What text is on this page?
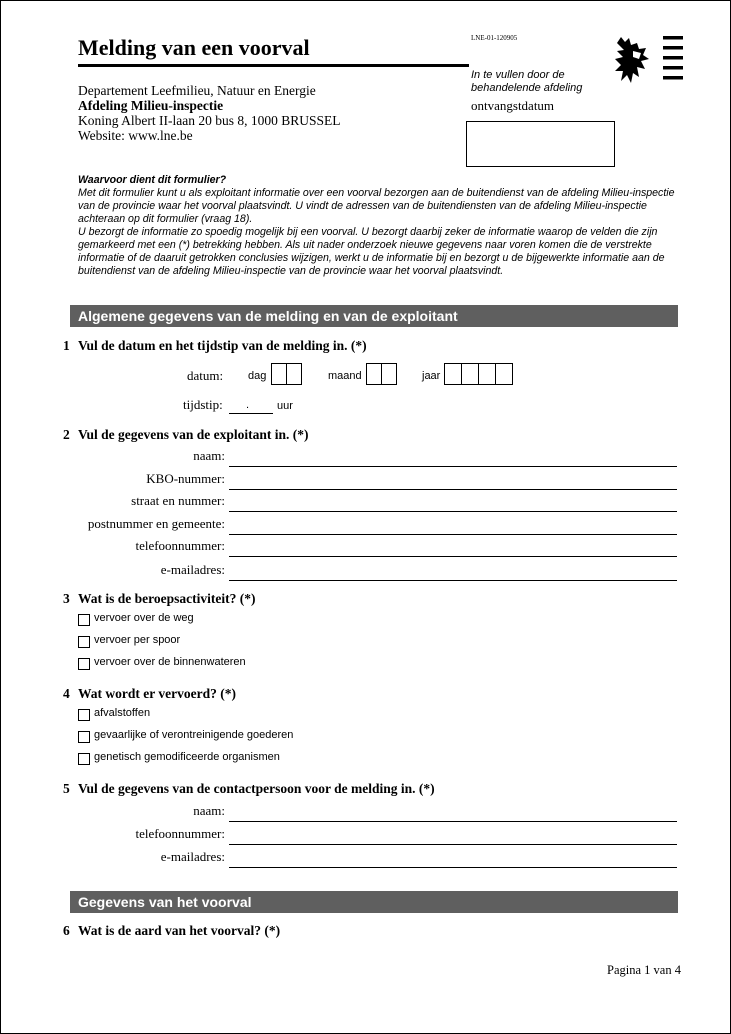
Melding van een voorval	LNE-01-120905
Departement Leefmilieu, Natuur en Energie
Afdeling Milieu-inspectie
Koning Albert II-laan 20 bus 8, 1000 BRUSSEL
Website: www.lne.be
In te vullen door de
behandelende afdeling
ontvangstdatum

Waarvoor dient dit formulier?

Met dit formulier kunt u als exploitant informatie over een voorval bezorgen aan de buitendienst van de afdeling Milieu-inspectie van de provincie waar het voorval plaatsvindt. U vindt de adressen van de buitendiensten van de afdeling Milieu-inspectie achteraan op dit formulier (vraag 18).

U bezorgt de informatie zo spoedig mogelijk bij een voorval. U bezorgt daarbij zeker de informatie waarop de velden die zijn gemarkeerd met een (*) betrekking hebben. Als uit nader onderzoek nieuwe gegevens naar voren komen die de verstrekte informatie of de daaruit getrokken conclusies wijzigen, werkt u de informatie bij en bezorgt u de bijgewerkte informatie aan de buitendienst van de afdeling Milieu-inspectie van de provincie waar het voorval plaatsvindt.

Algemene gegevens van de melding en van de exploitant
1 Vul de datum en het tijdstip van de melding in. (*)
datum: dag	maand	jaar
tijdstip: .	uur
2 Vul de gegevens van de exploitant in. (*)
naam:
KBO-nummer:
straat en nummer:
postnummer en gemeente:
telefoonnummer:
e-mailadres:
3 Wat is de beroepsactiviteit? (*)
vervoer over de weg
vervoer per spoor
vervoer over de binnenwateren
4 Wat wordt er vervoerd? (*)
afvalstoffen
gevaarlijke of verontreinigende goederen
genetisch gemodificeerde organismen
5 Vul de gegevens van de contactpersoon voor de melding in. (*)
naam:
telefoonnummer:
e-mailadres:
Gegevens van het voorval
6 Wat is de aard van het voorval? (*)
Pagina 1 van 4
